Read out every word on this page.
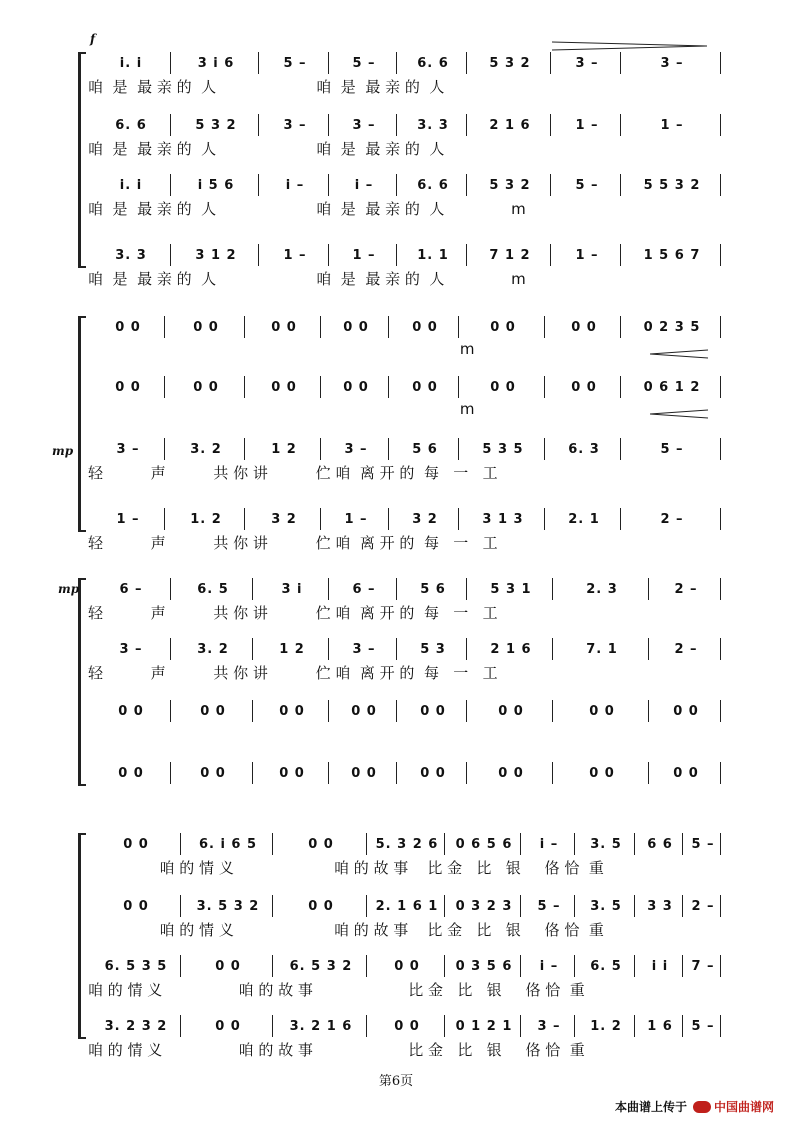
i. i	3 i 6	5 –	5 –	6. 6	5 3 2	3 –	3 –
咱  是  最 亲 的  人                     咱  是  最 亲 的  人
6. 6	5 3 2	3 –	3 –	3. 3	2 1 6	1 –	1 –
咱  是  最 亲 的  人                     咱  是  最 亲 的  人
i. i	i 5 6	i –	i –	6. 6	5 3 2	5 –	5 5 3 2
咱  是  最 亲 的  人                     咱  是  最 亲 的  人              m
3. 3	3 1 2	1 –	1 –	1. 1	7 1 2	1 –	1 5 6 7
咱  是  最 亲 的  人                     咱  是  最 亲 的  人              m
0 0	0 0	0 0	0 0	0 0	0 0	0 0	0 2 3 5
m
0 0	0 0	0 0	0 0	0 0	0 0	0 0	0 6 1 2
m
3 –	3. 2	1 2	3 –	5 6	5 3 5	6. 3	5 –
轻          声          共 你 讲          伫 咱  离 开 的  每   一   工
1 –	1. 2	3 2	1 –	3 2	3 1 3	2. 1	2 –
轻          声          共 你 讲          伫 咱  离 开 的  每   一   工
6 –	6. 5	3 i	6 –	5 6	5 3 1	2. 3	2 –
轻          声          共 你 讲          伫 咱  离 开 的  每   一   工
3 –	3. 2	1 2	3 –	5 3	2 1 6	7. 1	2 –
轻          声          共 你 讲          伫 咱  离 开 的  每   一   工
0 0	0 0	0 0	0 0	0 0	0 0	0 0	0 0
0 0	0 0	0 0	0 0	0 0	0 0	0 0	0 0
0 0	6. i 6 5	0 0	5. 3 2 6	0 6 5 6	i –	3. 5	6 6	5 –
咱 的 情 义                     咱 的 故 事    比 金   比   银     佫 恰  重
0 0	3. 5 3 2	0 0	2. 1 6 1	0 3 2 3	5 –	3. 5	3 3	2 –
咱 的 情 义                     咱 的 故 事    比 金   比   银     佫 恰  重
6. 5 3 5	0 0	6. 5 3 2	0 0	0 3 5 6	i –	6. 5	i i	7 –
咱 的 情 义                咱 的 故 事                    比 金   比   银     佫 恰  重
3. 2 3 2	0 0	3. 2 1 6	0 0	0 1 2 1	3 –	1. 2	1 6	5 –
咱 的 情 义                咱 的 故 事                    比 金   比   银     佫 恰  重
f
mp
mp
第6页
本曲谱上传于 中国曲谱网
